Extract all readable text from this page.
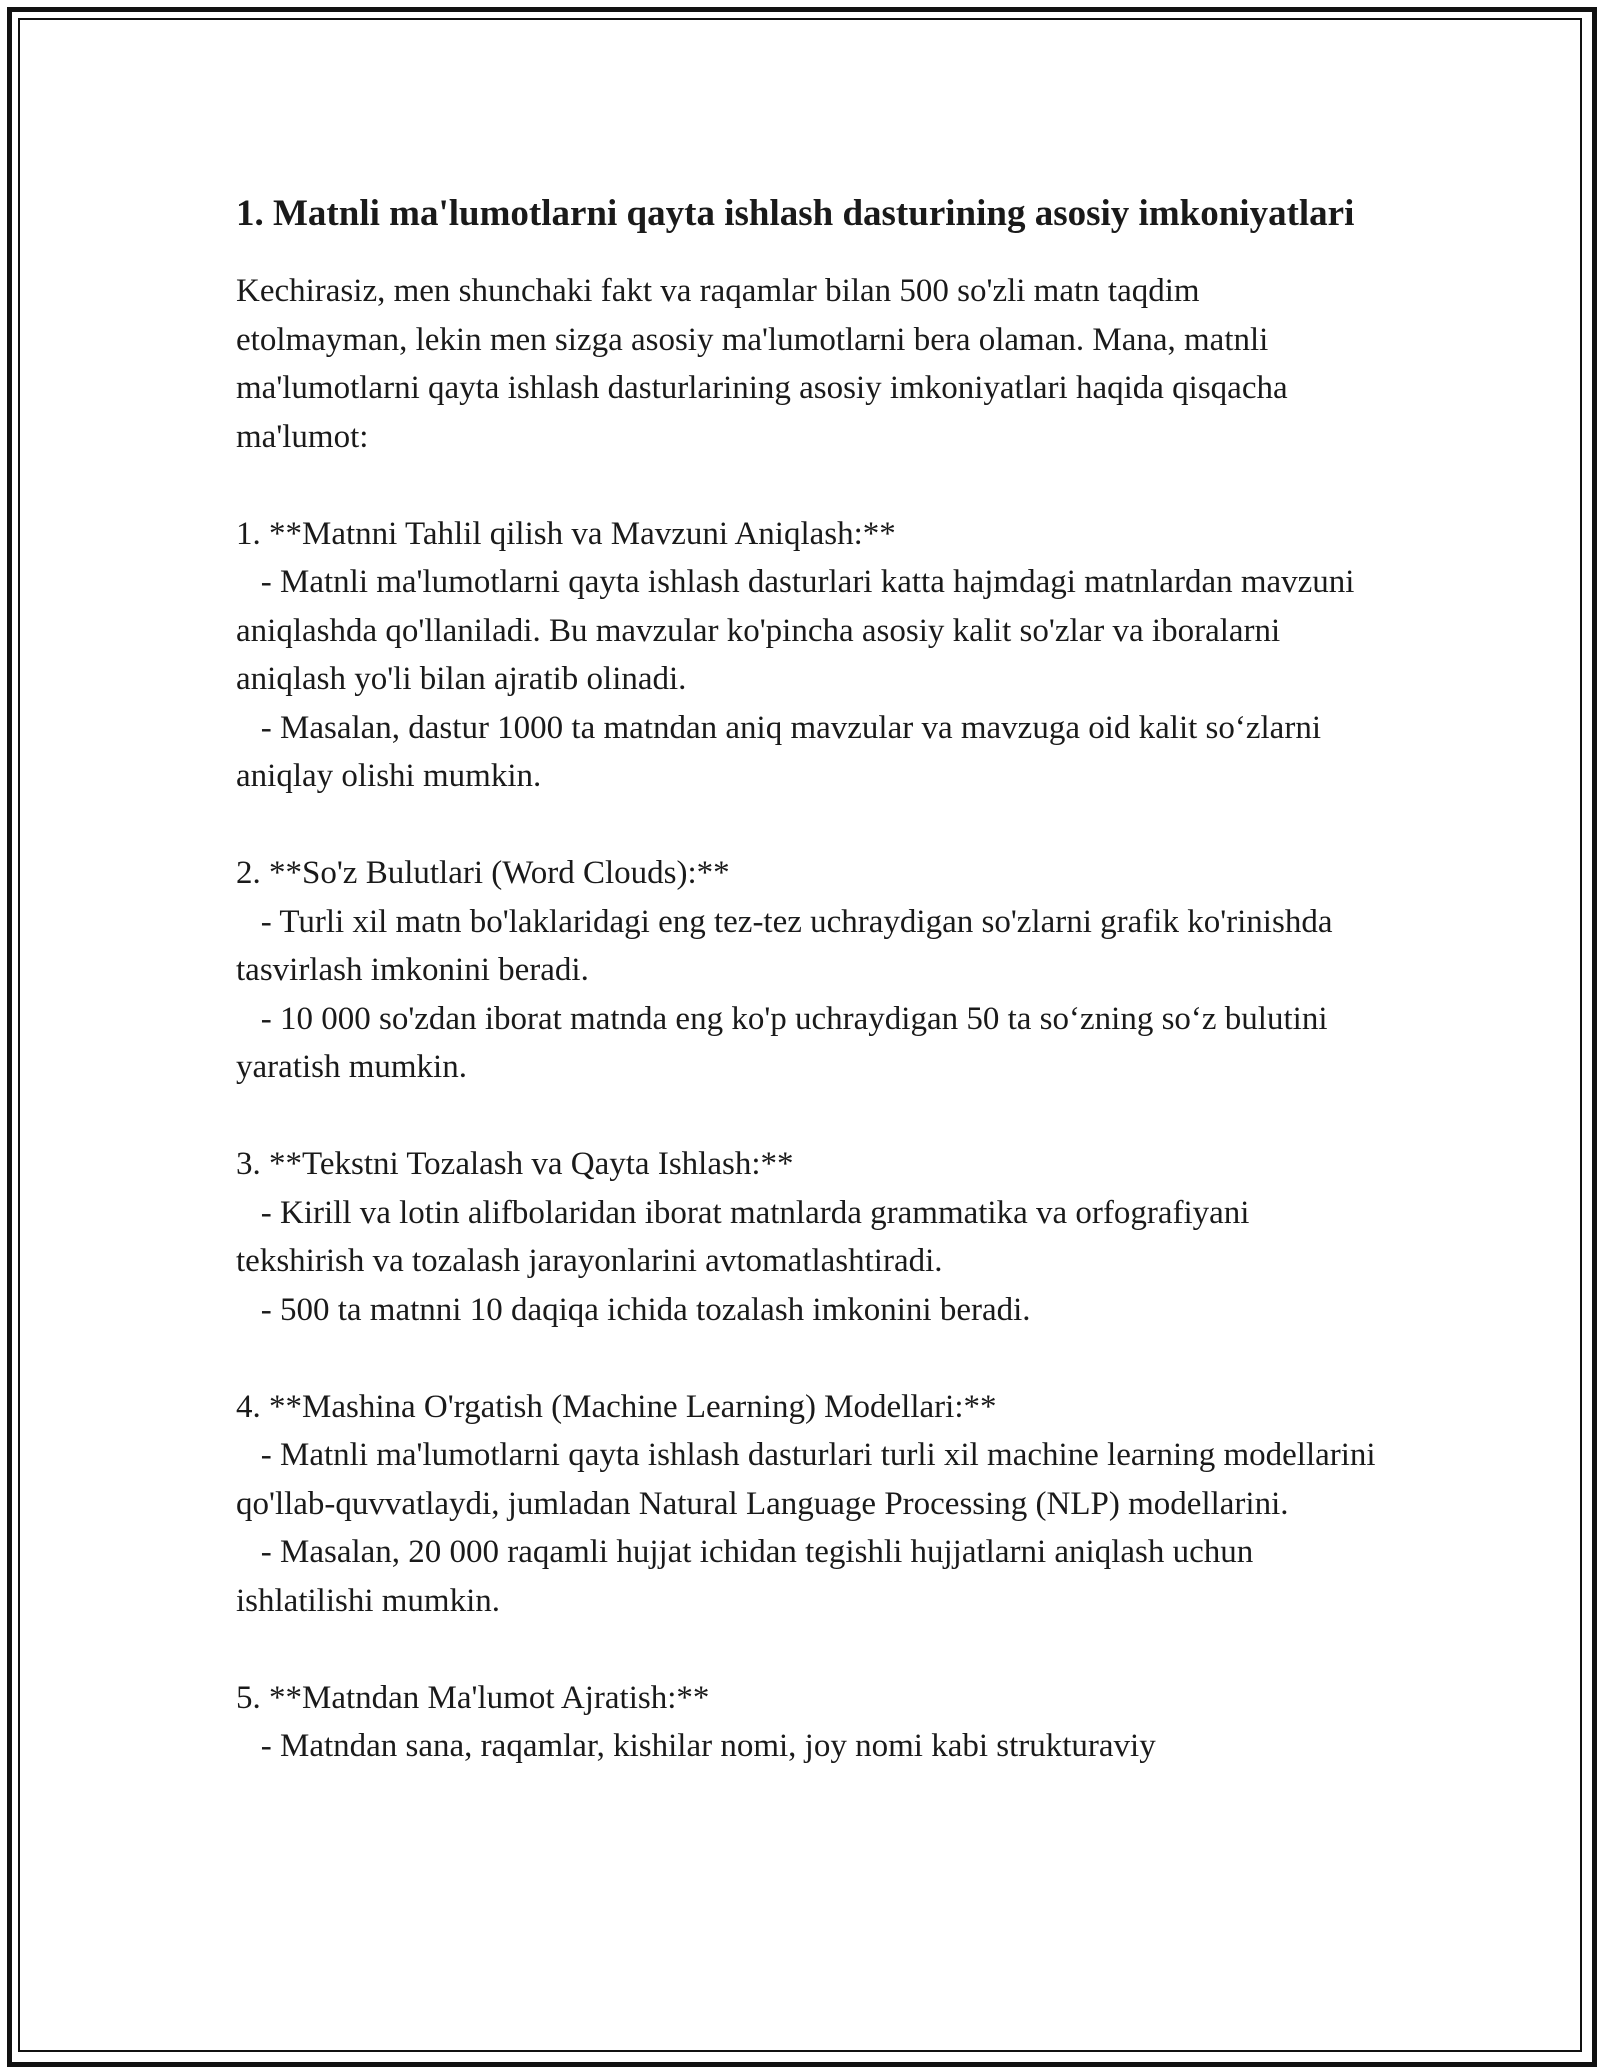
1. Matnli ma'lumotlarni qayta ishlash dasturining asosiy imkoniyatlari

Kechirasiz, men shunchaki fakt va raqamlar bilan 500 so'zli matn taqdim etolmayman, lekin men sizga asosiy ma'lumotlarni bera olaman. Mana, matnli ma'lumotlarni qayta ishlash dasturlarining asosiy imkoniyatlari haqida qisqacha ma'lumot:

1. **Matnni Tahlil qilish va Mavzuni Aniqlash:**

- Matnli ma'lumotlarni qayta ishlash dasturlari katta hajmdagi matnlardan mavzuni aniqlashda qo'llaniladi. Bu mavzular ko'pincha asosiy kalit so'zlar va iboralarni aniqlash yo'li bilan ajratib olinadi.

- Masalan, dastur 1000 ta matndan aniq mavzular va mavzuga oid kalit so‘zlarni aniqlay olishi mumkin.

2. **So'z Bulutlari (Word Clouds):**

- Turli xil matn bo'laklaridagi eng tez-tez uchraydigan so'zlarni grafik ko'rinishda tasvirlash imkonini beradi.

- 10 000 so'zdan iborat matnda eng ko'p uchraydigan 50 ta so‘zning so‘z bulutini yaratish mumkin.

3. **Tekstni Tozalash va Qayta Ishlash:**

- Kirill va lotin alifbolaridan iborat matnlarda grammatika va orfografiyani tekshirish va tozalash jarayonlarini avtomatlashtiradi.

- 500 ta matnni 10 daqiqa ichida tozalash imkonini beradi.

4. **Mashina O'rgatish (Machine Learning) Modellari:**

- Matnli ma'lumotlarni qayta ishlash dasturlari turli xil machine learning modellarini qo'llab-quvvatlaydi, jumladan Natural Language Processing (NLP) modellarini.

- Masalan, 20 000 raqamli hujjat ichidan tegishli hujjatlarni aniqlash uchun ishlatilishi mumkin.

5. **Matndan Ma'lumot Ajratish:**

- Matndan sana, raqamlar, kishilar nomi, joy nomi kabi strukturaviy
